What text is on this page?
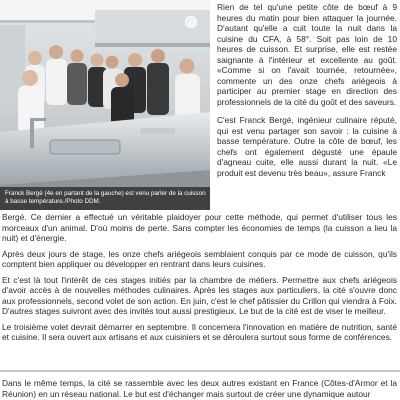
Franck Bergé (4e en partant de la gauche) est venu parler de la cuisson à basse température./Photo DDM.

Rien de tel qu'une petite côte de bœuf à 9 heures du matin pour bien attaquer la journée. D'autant qu'elle a cuit toute la nuit dans la cuisine du CFA, à 58°. Soit pas loin de 10 heures de cuisson. Et surprise, elle est restée saignante à l'intérieur et excellente au goût. «Comme si on l'avait tournée, retournée», commente un des onze chefs ariégeois à participer au premier stage en direction des professionnels de la cité du goût et des saveurs.

C'est Franck Bergé, ingénieur culinaire réputé, qui est venu partager son savoir : la cuisine à basse température. Outre la côte de bœuf, les chefs ont également dégusté une épaule d'agneau cuite, elle aussi durant la nuit. «Le produit est devenu très beau», assure Franck

Bergé. Ce dernier a effectué un véritable plaidoyer pour cette méthode, qui permet d'utiliser tous les morceaux d'un animal. D'où moins de perte. Sans compter les économies de temps (la cuisson a lieu la nuit) et d'énergie.

Après deux jours de stage, les onze chefs ariégeois semblaient conquis par ce mode de cuisson, qu'ils comptent bien appliquer ou développer en rentrant dans leurs cuisines.

Et c'est là tout l'intérêt de ces stages initiés par la chambre de métiers. Permettre aux chefs ariégeois d'avoir accès à de nouvelles méthodes culinaires. Après les stages aux particuliers, la cité s'ouvre donc aux professionnels, second volet de son action. En juin, c'est le chef pâtissier du Crillon qui viendra à Foix. D'autres stages suivront avec des invités tout aussi prestigieux. Le but de la cité est de viser le meilleur.

Le troisième volet devrait démarrer en septembre. Il concernera l'innovation en matière de nutrition, santé et cuisine. Il sera ouvert aux artisans et aux cuisiniers et se déroulera surtout sous forme de conférences.

Dans le même temps, la cité se rassemble avec les deux autres existant en France (Côtes-d'Armor et la Réunion) en un réseau national. Le but est d'échanger mais surtout de créer une dynamique autour
